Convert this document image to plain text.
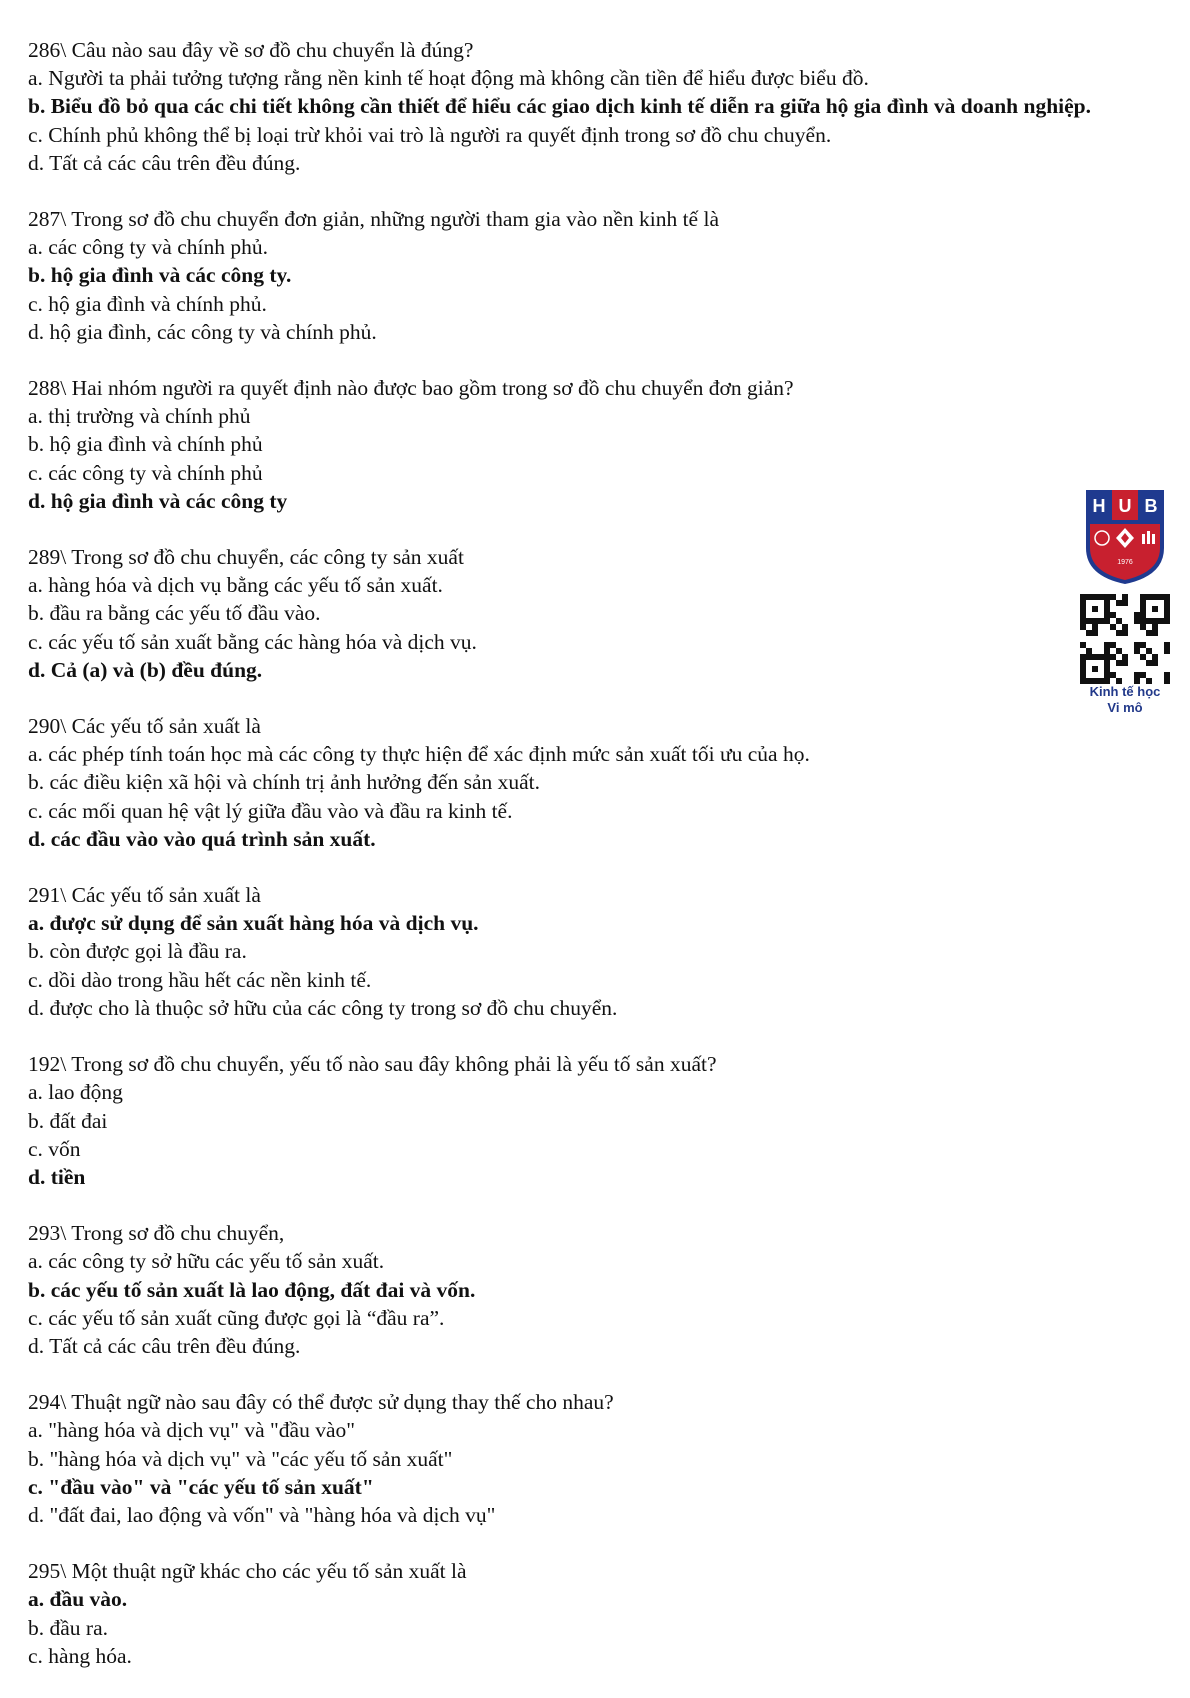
286\ Câu nào sau đây về sơ đồ chu chuyển là đúng?

a. Người ta phải tưởng tượng rằng nền kinh tế hoạt động mà không cần tiền để hiểu được biểu đồ.

b. Biểu đồ bỏ qua các chi tiết không cần thiết để hiểu các giao dịch kinh tế diễn ra giữa hộ gia đình và doanh nghiệp.

c. Chính phủ không thể bị loại trừ khỏi vai trò là người ra quyết định trong sơ đồ chu chuyển.

d. Tất cả các câu trên đều đúng.

287\ Trong sơ đồ chu chuyển đơn giản, những người tham gia vào nền kinh tế là

a. các công ty và chính phủ.

b. hộ gia đình và các công ty.

c. hộ gia đình và chính phủ.

d. hộ gia đình, các công ty và chính phủ.

288\ Hai nhóm người ra quyết định nào được bao gồm trong sơ đồ chu chuyển đơn giản?

a. thị trường và chính phủ

b. hộ gia đình và chính phủ

c. các công ty và chính phủ

d. hộ gia đình và các công ty

289\ Trong sơ đồ chu chuyển, các công ty sản xuất

a. hàng hóa và dịch vụ bằng các yếu tố sản xuất.

b. đầu ra bằng các yếu tố đầu vào.

c. các yếu tố sản xuất bằng các hàng hóa và dịch vụ.

d. Cả (a) và (b) đều đúng.

290\ Các yếu tố sản xuất là

a. các phép tính toán học mà các công ty thực hiện để xác định mức sản xuất tối ưu của họ.

b. các điều kiện xã hội và chính trị ảnh hưởng đến sản xuất.

c. các mối quan hệ vật lý giữa đầu vào và đầu ra kinh tế.

d. các đầu vào vào quá trình sản xuất.

291\ Các yếu tố sản xuất là

a. được sử dụng để sản xuất hàng hóa và dịch vụ.

b. còn được gọi là đầu ra.

c. dồi dào trong hầu hết các nền kinh tế.

d. được cho là thuộc sở hữu của các công ty trong sơ đồ chu chuyển.

192\ Trong sơ đồ chu chuyển, yếu tố nào sau đây không phải là yếu tố sản xuất?

a. lao động

b. đất đai

c. vốn

d. tiền

293\ Trong sơ đồ chu chuyển,

a. các công ty sở hữu các yếu tố sản xuất.

b. các yếu tố sản xuất là lao động, đất đai và vốn.

c. các yếu tố sản xuất cũng được gọi là “đầu ra”.

d. Tất cả các câu trên đều đúng.

294\ Thuật ngữ nào sau đây có thể được sử dụng thay thế cho nhau?

a. "hàng hóa và dịch vụ" và "đầu vào"

b. "hàng hóa và dịch vụ" và "các yếu tố sản xuất"

c. "đầu vào" và "các yếu tố sản xuất"

d. "đất đai, lao động và vốn" và "hàng hóa và dịch vụ"

295\ Một thuật ngữ khác cho các yếu tố sản xuất là

a. đầu vào.

b. đầu ra.

c. hàng hóa.

H U B
1976
Kinh tế học
Vi mô
